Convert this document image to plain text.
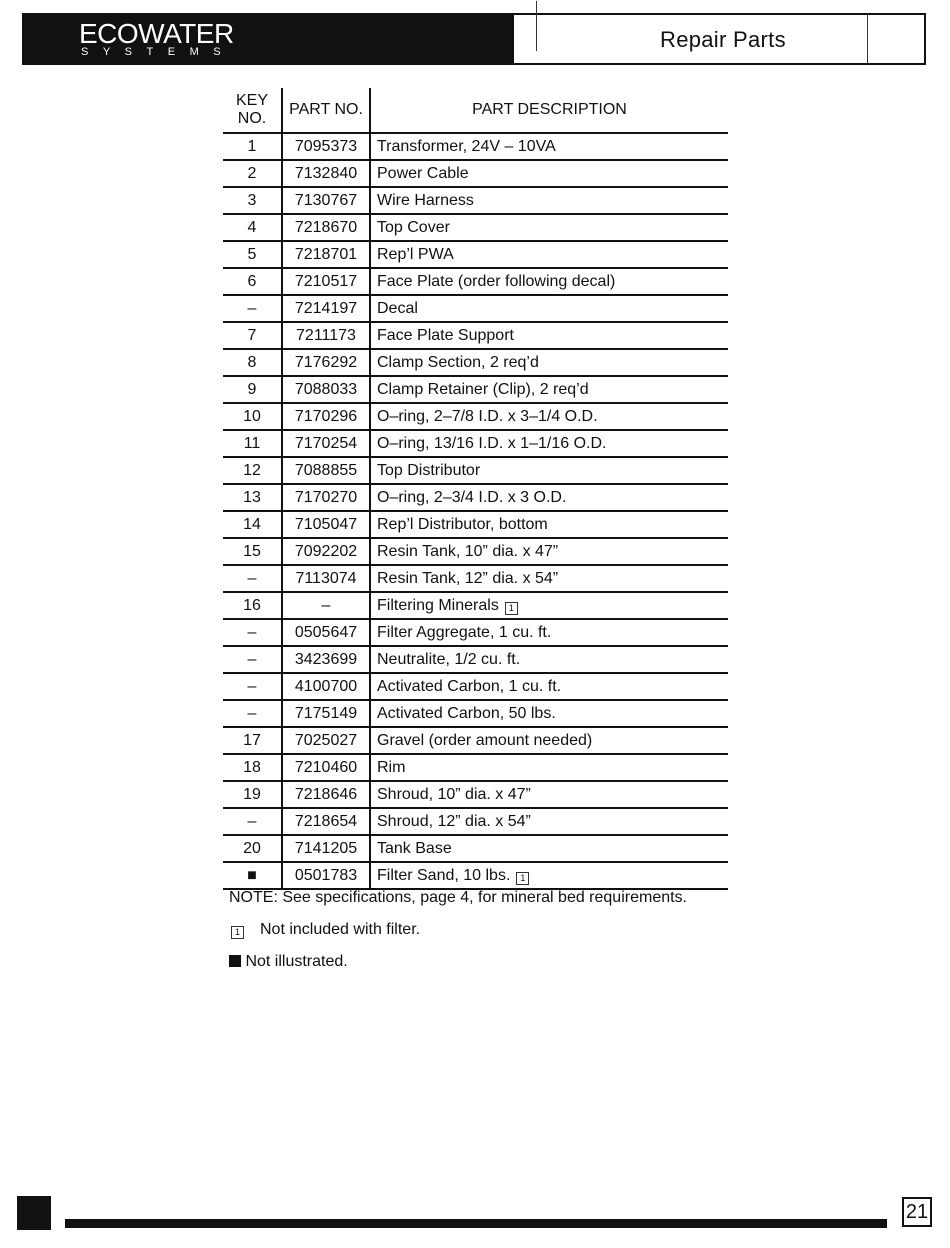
ECOWATER
SYSTEMS	Repair Parts
KEY NO.	PART NO.	PART DESCRIPTION
1	7095373	Transformer, 24V – 10VA
2	7132840	Power Cable
3	7130767	Wire Harness
4	7218670	Top Cover
5	7218701	Rep’l PWA
6	7210517	Face Plate (order following decal)
–	7214197	Decal
7	7211173	Face Plate Support
8	7176292	Clamp Section, 2 req’d
9	7088033	Clamp Retainer (Clip), 2 req’d
10	7170296	O–ring, 2–7/8 I.D. x 3–1/4 O.D.
11	7170254	O–ring, 13/16 I.D. x 1–1/16 O.D.
12	7088855	Top Distributor
13	7170270	O–ring, 2–3/4 I.D. x 3 O.D.
14	7105047	Rep’l Distributor, bottom
15	7092202	Resin Tank, 10” dia. x 47”
–	7113074	Resin Tank, 12” dia. x 54”
16	–	Filtering Minerals 1
–	0505647	Filter Aggregate, 1 cu. ft.
–	3423699	Neutralite, 1/2 cu. ft.
–	4100700	Activated Carbon, 1 cu. ft.
–	7175149	Activated Carbon, 50 lbs.
17	7025027	Gravel (order amount needed)
18	7210460	Rim
19	7218646	Shroud, 10” dia. x 47”
–	7218654	Shroud, 12” dia. x 54”
20	7141205	Tank Base
■	0501783	Filter Sand, 10 lbs. 1
NOTE: See specifications, page 4, for mineral bed requirements.
1 Not included with filter.
Not illustrated.
21
